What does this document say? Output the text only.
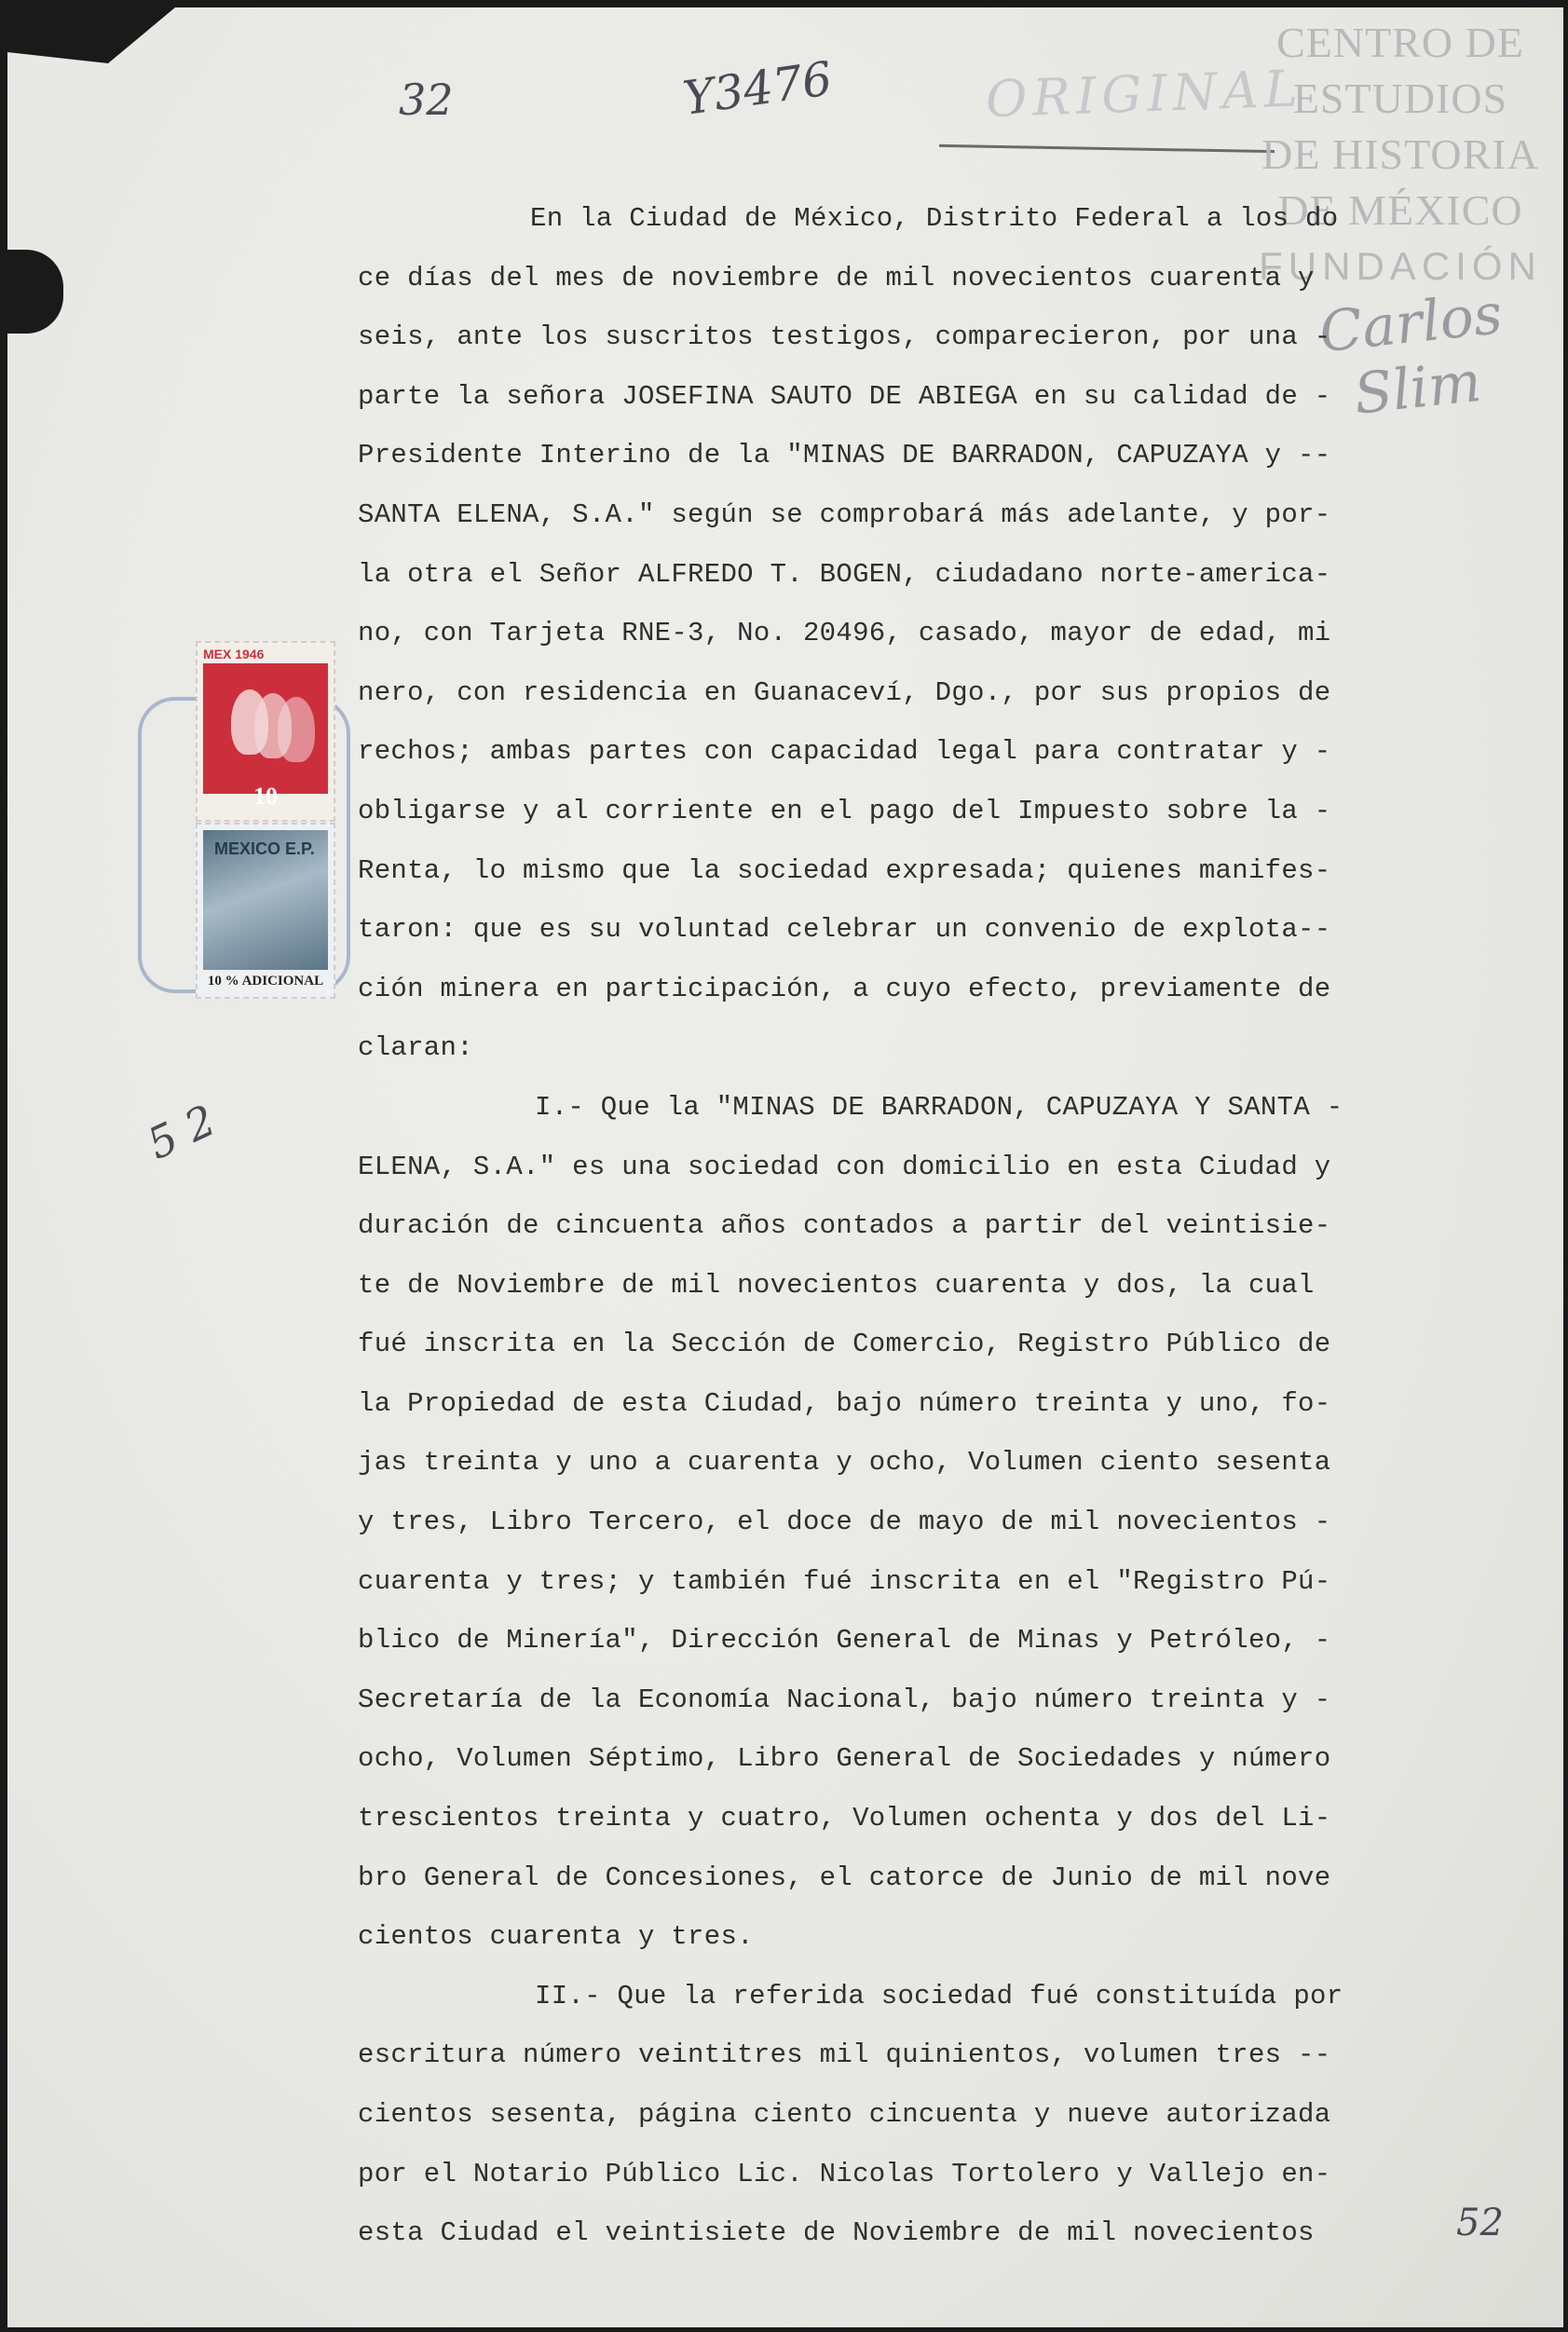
32	Y3476
5 2
52
ORIGINAL
CENTRO DE
ESTUDIOS
DE HISTORIA
DE MÉXICO
FUNDACIÓN
Carlos Slim
MEX 1946
10
MEXICO E.P.
10 % ADICIONAL
En la Ciudad de México, Distrito Federal a los do
ce días del mes de noviembre de mil novecientos cuarenta y
seis, ante los suscritos testigos, comparecieron, por una -
parte la señora JOSEFINA SAUTO DE ABIEGA en su calidad de -
Presidente Interino de la "MINAS DE BARRADON, CAPUZAYA y --
SANTA ELENA, S.A." según se comprobará más adelante, y por-
la otra el Señor ALFREDO T. BOGEN, ciudadano norte-america-
no, con Tarjeta RNE-3, No. 20496, casado, mayor de edad, mi
nero, con residencia en Guanaceví, Dgo., por sus propios de
rechos; ambas partes con capacidad legal para contratar y -
obligarse y al corriente en el pago del Impuesto sobre la -
Renta, lo mismo que la sociedad expresada; quienes manifes-
taron: que es su voluntad celebrar un convenio de explota--
ción minera en participación, a cuyo efecto, previamente de
claran:
I.- Que la "MINAS DE BARRADON, CAPUZAYA Y SANTA -
ELENA, S.A." es una sociedad con domicilio en esta Ciudad y
duración de cincuenta años contados a partir del veintisie-
te de Noviembre de mil novecientos cuarenta y dos, la cual
fué inscrita en la Sección de Comercio, Registro Público de
la Propiedad de esta Ciudad, bajo número treinta y uno, fo-
jas treinta y uno a cuarenta y ocho, Volumen ciento sesenta
y tres, Libro Tercero, el doce de mayo de mil novecientos -
cuarenta y tres; y también fué inscrita en el "Registro Pú-
blico de Minería", Dirección General de Minas y Petróleo, -
Secretaría de la Economía Nacional, bajo número treinta y -
ocho, Volumen Séptimo, Libro General de Sociedades y número
trescientos treinta y cuatro, Volumen ochenta y dos del Li-
bro General de Concesiones, el catorce de Junio de mil nove
cientos cuarenta y tres.
II.- Que la referida sociedad fué constituída por
escritura número veintitres mil quinientos, volumen tres --
cientos sesenta, página ciento cincuenta y nueve autorizada
por el Notario Público Lic. Nicolas Tortolero y Vallejo en-
esta Ciudad el veintisiete de Noviembre de mil novecientos
